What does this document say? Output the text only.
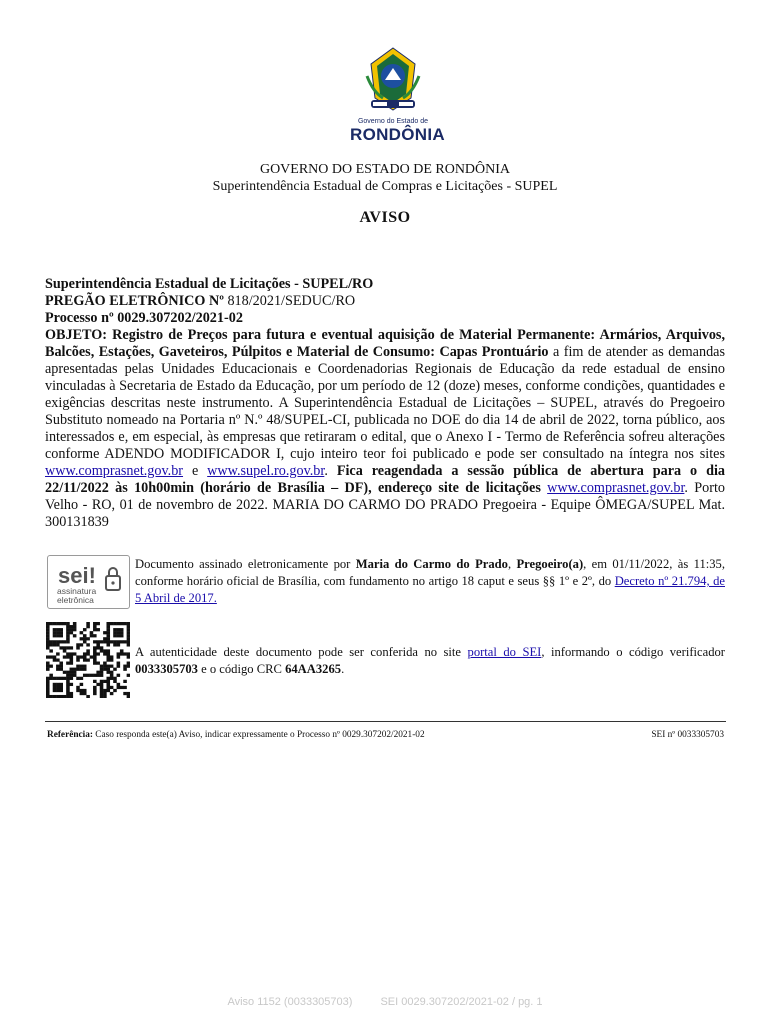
Governo do Estado de
RONDÔNIA
GOVERNO DO ESTADO DE RONDÔNIA
Superintendência Estadual de Compras e Licitações - SUPEL
AVISO
Superintendência Estadual de Licitações - SUPEL/RO
PREGÃO ELETRÔNICO Nº 818/2021/SEDUC/RO
Processo nº 0029.307202/2021-02
OBJETO: Registro de Preços para futura e eventual aquisição de Material Permanente: Armários, Arquivos, Balcões, Estações, Gaveteiros, Púlpitos e Material de Consumo: Capas Prontuário a fim de atender as demandas apresentadas pelas Unidades Educacionais e Coordenadorias Regionais de Educação da rede estadual de ensino vinculadas à Secretaria de Estado da Educação, por um período de 12 (doze) meses, conforme condições, quantidades e exigências descritas neste instrumento. A Superintendência Estadual de Licitações – SUPEL, através do Pregoeiro Substituto nomeado na Portaria nº N.º 48/SUPEL-CI, publicada no DOE do dia 14 de abril de 2022, torna público, aos interessados e, em especial, às empresas que retiraram o edital, que o Anexo I - Termo de Referência sofreu alterações conforme ADENDO MODIFICADOR I, cujo inteiro teor foi publicado e pode ser consultado na íntegra nos sites www.comprasnet.gov.br e www.supel.ro.gov.br. Fica reagendada a sessão pública de abertura para o dia 22/11/2022 às 10h00min (horário de Brasília – DF), endereço site de licitações www.comprasnet.gov.br. Porto Velho - RO, 01 de novembro de 2022. MARIA DO CARMO DO PRADO Pregoeira - Equipe ÔMEGA/SUPEL Mat. 300131839
sei!
assinatura
eletrônica
Documento assinado eletronicamente por Maria do Carmo do Prado, Pregoeiro(a), em 01/11/2022, às 11:35, conforme horário oficial de Brasília, com fundamento no artigo 18 caput e seus §§ 1º e 2º, do Decreto nº 21.794, de 5 Abril de 2017.
A autenticidade deste documento pode ser conferida no site portal do SEI, informando o código verificador 0033305703 e o código CRC 64AA3265.
Referência: Caso responda este(a) Aviso, indicar expressamente o Processo nº 0029.307202/2021-02	SEI nº 0033305703
Aviso 1152 (0033305703)	SEI 0029.307202/2021-02 / pg. 1
